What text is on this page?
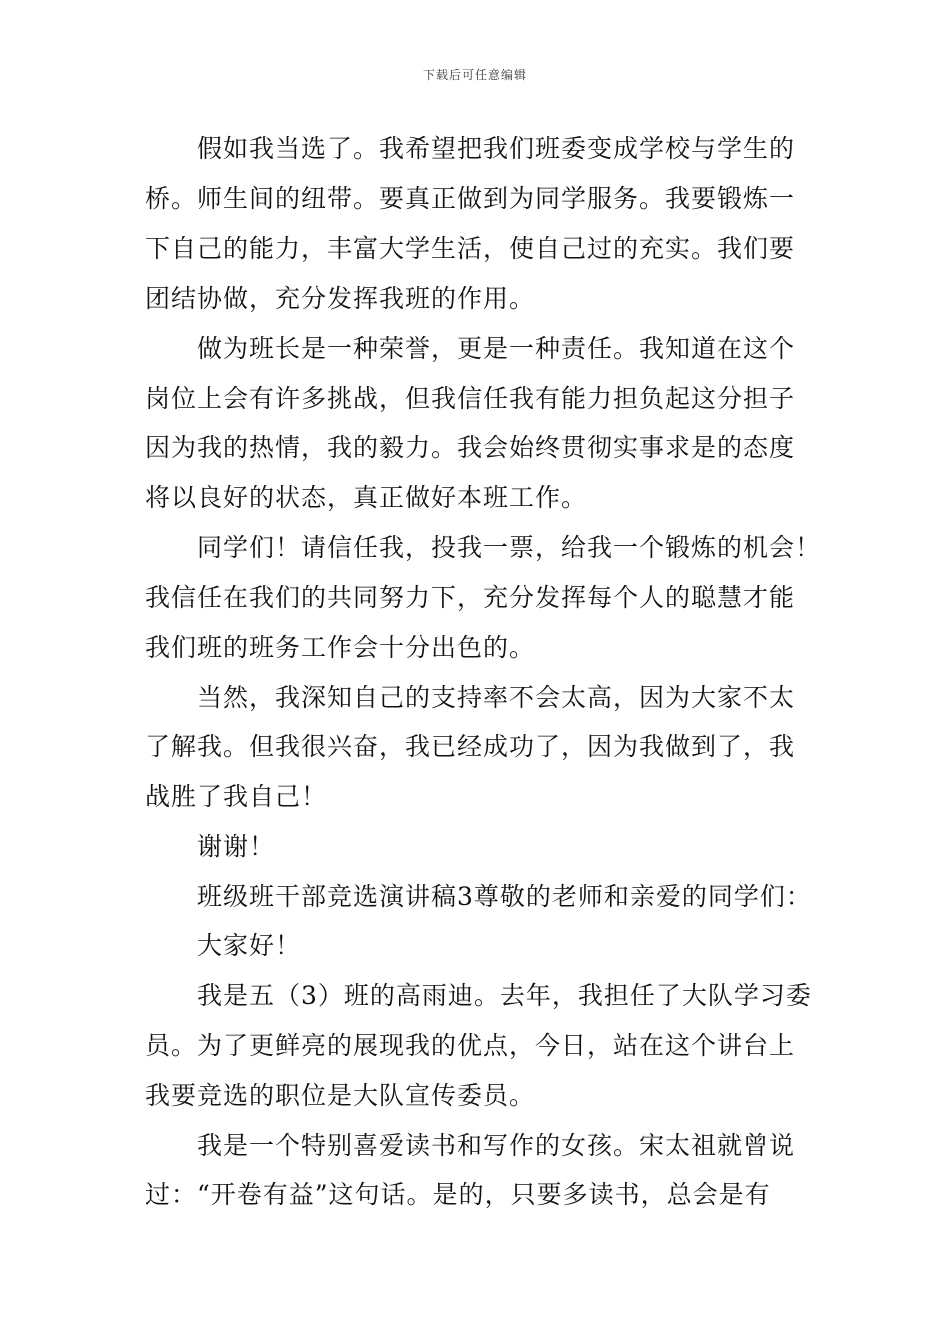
下载后可任意编辑
假如我当选了。我希望把我们班委变成学校与学生的
桥。师生间的纽带。要真正做到为同学服务。我要锻炼一
下自己的能力，丰富大学生活，使自己过的充实。我们要
团结协做，充分发挥我班的作用。
做为班长是一种荣誉，更是一种责任。我知道在这个
岗位上会有许多挑战，但我信任我有能力担负起这分担子
因为我的热情，我的毅力。我会始终贯彻实事求是的态度
将以良好的状态，真正做好本班工作。
同学们！请信任我，投我一票，给我一个锻炼的机会！
我信任在我们的共同努力下，充分发挥每个人的聪慧才能
我们班的班务工作会十分出色的。
当然，我深知自己的支持率不会太高，因为大家不太
了解我。但我很兴奋，我已经成功了，因为我做到了，我
战胜了我自己！
谢谢！
班级班干部竞选演讲稿3尊敬的老师和亲爱的同学们：
大家好！
我是五（3）班的高雨迪。去年，我担任了大队学习委
员。为了更鲜亮的展现我的优点，今日，站在这个讲台上
我要竞选的职位是大队宣传委员。
我是一个特别喜爱读书和写作的女孩。宋太祖就曾说
过：“开卷有益”这句话。是的，只要多读书，总会是有
